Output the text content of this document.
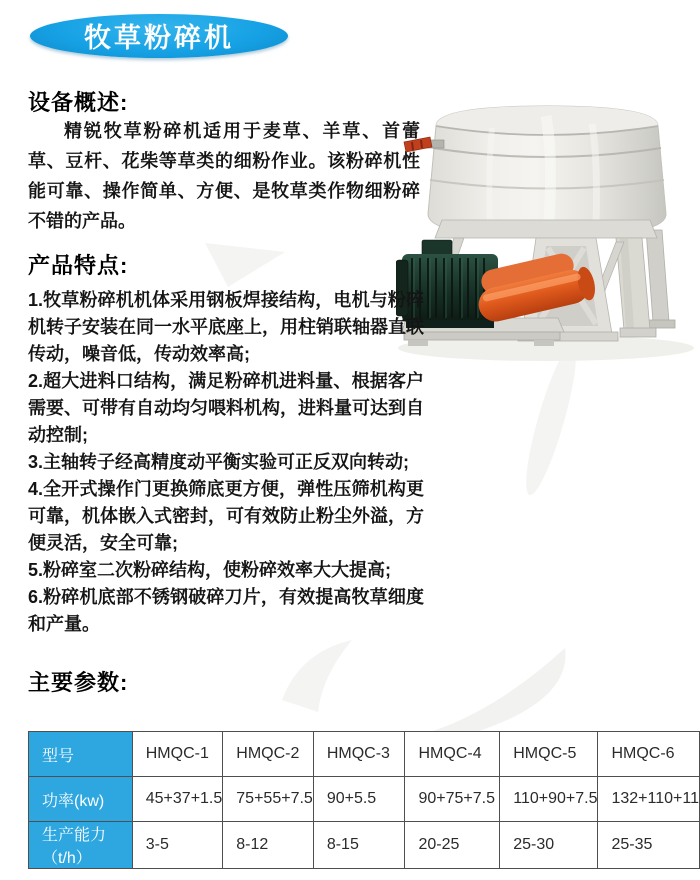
牧草粉碎机
设备概述:

精锐牧草粉碎机适用于麦草、羊草、首蕾草、豆杆、花柴等草类的细粉作业。该粉碎机性能可靠、操作简单、方便、是牧草类作物细粉碎不错的产品。

产品特点:

1.牧草粉碎机机体采用钢板焊接结构，电机与粉碎机转子安装在同一水平底座上，用柱销联轴器直联传动，噪音低，传动效率高;

2.超大进料口结构，满足粉碎机进料量、根据客户需要、可带有自动均匀喂料机构，进料量可达到自动控制;

3.主轴转子经高精度动平衡实验可正反双向转动;

4.全开式操作门更换筛底更方便，弹性压筛机构更可靠，机体嵌入式密封，可有效防止粉尘外溢，方便灵活，安全可靠;

5.粉碎室二次粉碎结构，使粉碎效率大大提高;

6.粉碎机底部不锈钢破碎刀片，有效提高牧草细度和产量。

主要参数:
型号	HMQC-1	HMQC-2	HMQC-3	HMQC-4	HMQC-5	HMQC-6
功率(kw)	45+37+1.5	75+55+7.5	90+5.5	90+75+7.5	110+90+7.5	132+110+11
生产能力（t/h）	3-5	8-12	8-15	20-25	25-30	25-35
